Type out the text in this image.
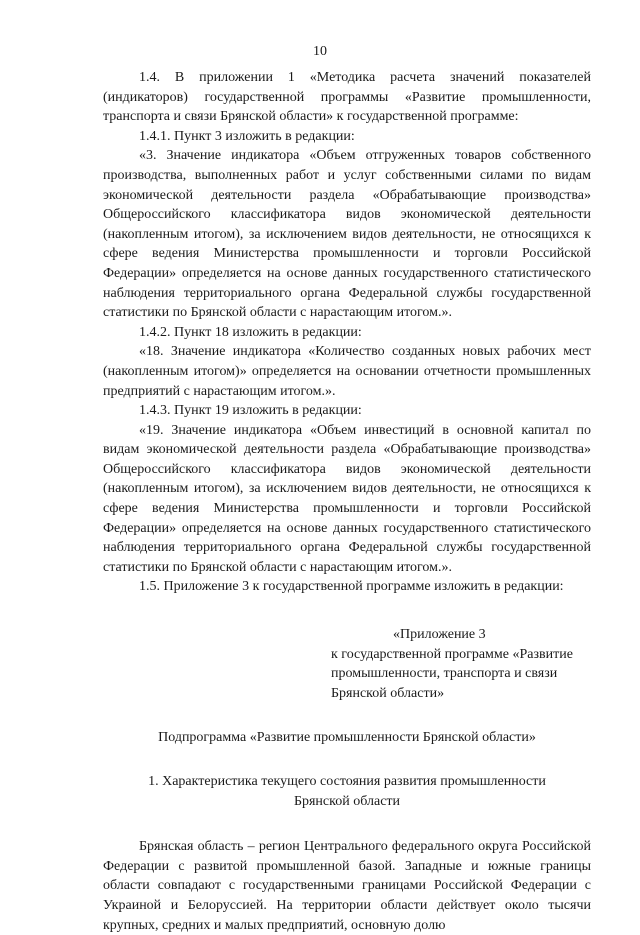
10

1.4. В приложении 1 «Методика расчета значений показателей (индикаторов) государственной программы «Развитие промышленности, транспорта и связи Брянской области» к государственной программе:

1.4.1. Пункт 3 изложить в редакции:

«3. Значение индикатора «Объем отгруженных товаров собственного производства, выполненных работ и услуг собственными силами по видам экономической деятельности раздела «Обрабатывающие производства» Общероссийского классификатора видов экономической деятельности (накопленным итогом), за исключением видов деятельности, не относящихся к сфере ведения Министерства промышленности и торговли Российской Федерации» определяется на основе данных государственного статистического наблюдения территориального органа Федеральной службы государственной статистики по Брянской области с нарастающим итогом.».

1.4.2. Пункт 18 изложить в редакции:

«18. Значение индикатора «Количество созданных новых рабочих мест (накопленным итогом)» определяется на основании отчетности промышленных предприятий с нарастающим итогом.».

1.4.3. Пункт 19 изложить в редакции:

«19. Значение индикатора «Объем инвестиций в основной капитал по видам экономической деятельности раздела «Обрабатывающие производства» Общероссийского классификатора видов экономической деятельности (накопленным итогом), за исключением видов деятельности, не относящихся к сфере ведения Министерства промышленности и торговли Российской Федерации» определяется на основе данных государственного статистического наблюдения территориального органа Федеральной службы государственной статистики по Брянской области с нарастающим итогом.».

1.5. Приложение 3 к государственной программе изложить в редакции:

«Приложение 3
к государственной программе «Развитие
промышленности, транспорта и связи
Брянской области»
Подпрограмма «Развитие промышленности Брянской области»
1. Характеристика текущего состояния развития промышленности
Брянской области

Брянская область – регион Центрального федерального округа Российской Федерации с развитой промышленной базой. Западные и южные границы области совпадают с государственными границами Российской Федерации с Украиной и Белоруссией. На территории области действует около тысячи крупных, средних и малых предприятий, основную долю
